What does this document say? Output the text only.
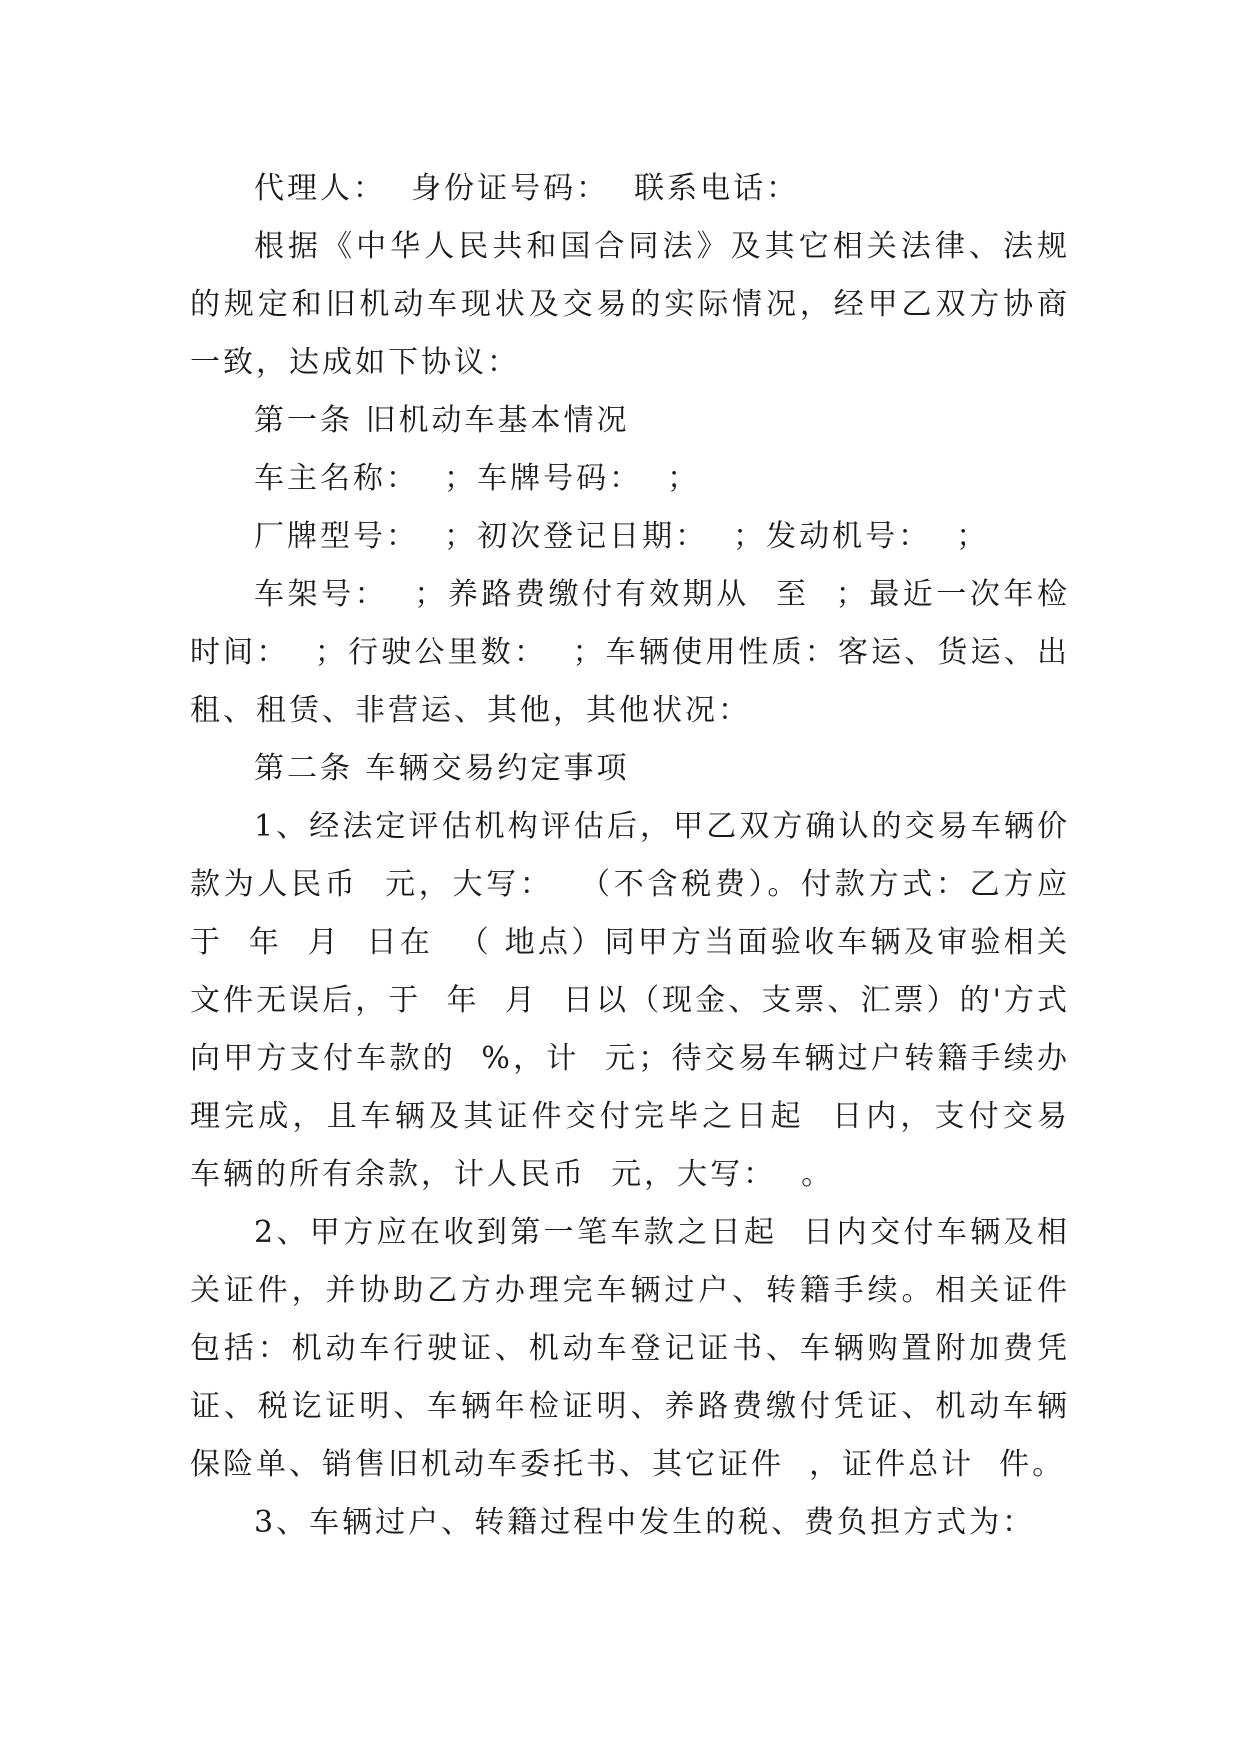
代理人：  身份证号码：  联系电话：

根据《中华人民共和国合同法》及其它相关法律、法规的规定和旧机动车现状及交易的实际情况，经甲乙双方协商一致，达成如下协议：

第一条 旧机动车基本情况

车主名称：  ；车牌号码：  ；

厂牌型号：  ；初次登记日期：  ；发动机号：  ；

车架号：  ；养路费缴付有效期从  至  ；最近一次年检时间：  ；行驶公里数：  ；车辆使用性质：客运、货运、出租、租赁、非营运、其他，其他状况：

第二条 车辆交易约定事项

1、经法定评估机构评估后，甲乙双方确认的交易车辆价款为人民币  元，大写：  （不含税费）。付款方式：乙方应于  年  月  日在  （ 地点）同甲方当面验收车辆及审验相关文件无误后，于  年  月  日以（现金、支票、汇票）的'方式向甲方支付车款的  %，计  元；待交易车辆过户转籍手续办理完成，且车辆及其证件交付完毕之日起  日内，支付交易车辆的所有余款，计人民币  元，大写：  。

2、甲方应在收到第一笔车款之日起  日内交付车辆及相关证件，并协助乙方办理完车辆过户、转籍手续。相关证件包括：机动车行驶证、机动车登记证书、车辆购置附加费凭证、税讫证明、车辆年检证明、养路费缴付凭证、机动车辆保险单、销售旧机动车委托书、其它证件  ，证件总计  件。

3、车辆过户、转籍过程中发生的税、费负担方式为：
